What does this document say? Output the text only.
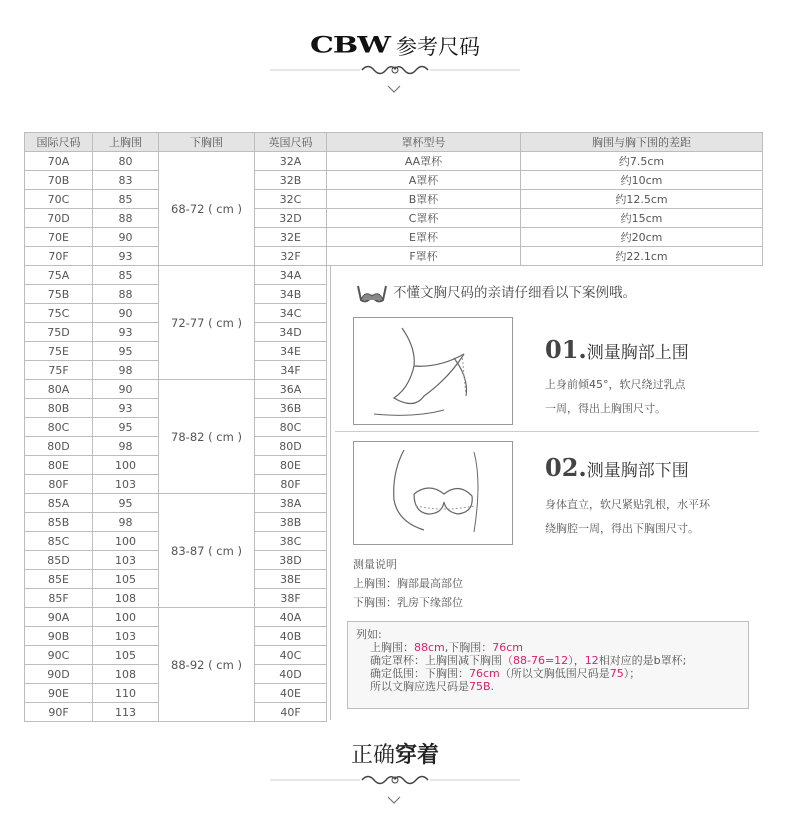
CBW 参考尺码
国际尺码	上胸围	下胸围	英国尺码	罩杯型号	胸围与胸下围的差距
70A	80	68-72 ( cm )	32A	AA罩杯	约7.5cm
70B	83		32B	A罩杯	约10cm
70C	85		32C	B罩杯	约12.5cm
70D	88		32D	C罩杯	约15cm
70E	90		32E	E罩杯	约20cm
70F	93		32F	F罩杯	约22.1cm
75A	85	72-77 ( cm )	34A		
75B	88		34B		
75C	90		34C		
75D	93		34D		
75E	95		34E		
75F	98		34F		
80A	90	78-82 ( cm )	36A		
80B	93		36B		
80C	95		80C		
80D	98		80D		
80E	100		80E		
80F	103		80F		
85A	95	83-87 ( cm )	38A		
85B	98		38B		
85C	100		38C		
85D	103		38D		
85E	105		38E		
85F	108		38F		
90A	100	88-92 ( cm )	40A		
90B	103		40B		
90C	105		40C		
90D	108		40D		
90E	110		40E		
90F	113		40F		
不懂文胸尺码的亲请仔细看以下案例哦。
01.测量胸部上围
上身前倾45°，软尺绕过乳点
一周，得出上胸围尺寸。
02.测量胸部下围
身体直立，软尺紧贴乳根，水平环
绕胸腔一周，得出下胸围尺寸。
测量说明
上胸围：胸部最高部位
下胸围：乳房下缘部位
列如:
上胸围：88cm,下胸围：76cm
确定罩杯：上胸围减下胸围（88-76=12），12相对应的是b罩杯;
确定低围：下胸围：76cm（所以文胸低围尺码是75）；
所以文胸应选尺码是75B.
正确穿着
